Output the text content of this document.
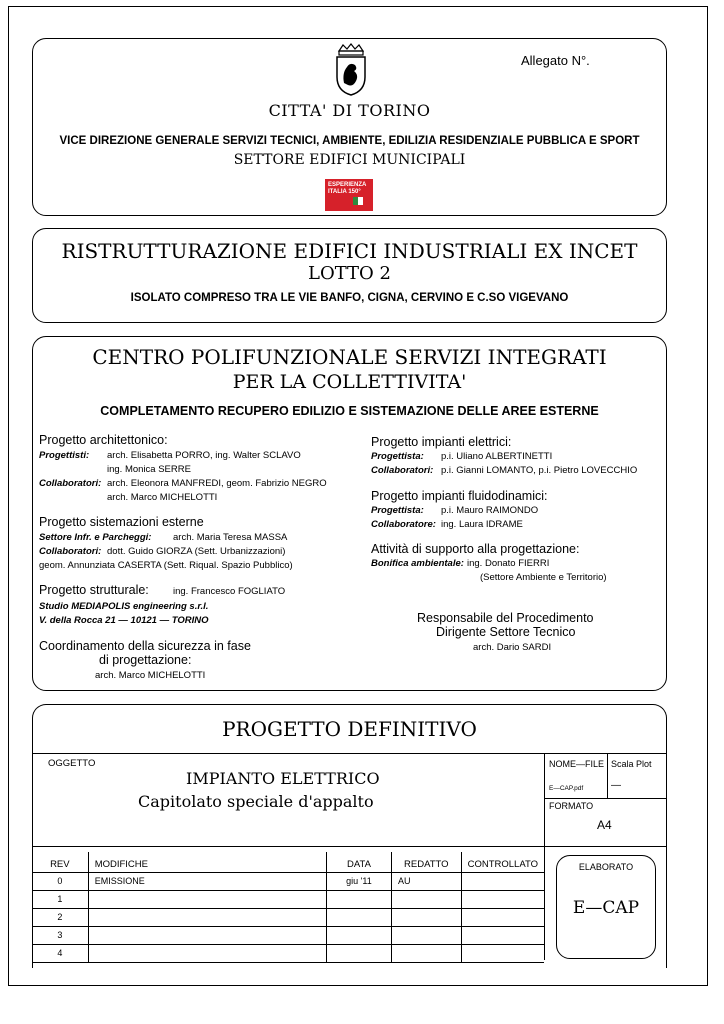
Allegato N°.
CITTA' DI TORINO
VICE DIREZIONE GENERALE SERVIZI TECNICI, AMBIENTE, EDILIZIA RESIDENZIALE PUBBLICA E SPORT
SETTORE EDIFICI MUNICIPALI
ESPERIENZA
ITALIA 150°
RISTRUTTURAZIONE EDIFICI INDUSTRIALI EX INCET
LOTTO 2
ISOLATO COMPRESO TRA LE VIE BANFO, CIGNA, CERVINO E C.SO VIGEVANO
CENTRO POLIFUNZIONALE SERVIZI INTEGRATI
PER LA COLLETTIVITA'
COMPLETAMENTO RECUPERO EDILIZIO E SISTEMAZIONE DELLE AREE ESTERNE
Progetto architettonico:
Progettisti: arch. Elisabetta PORRO, ing. Walter SCLAVO
ing. Monica SERRE
Collaboratori: arch. Eleonora MANFREDI, geom. Fabrizio NEGRO
arch. Marco MICHELOTTI
Progetto sistemazioni esterne
Settore Infr. e Parcheggi: arch. Maria Teresa MASSA
Collaboratori: dott. Guido GIORZA (Sett. Urbanizzazioni)
geom. Annunziata CASERTA (Sett. Riqual. Spazio Pubblico)
Progetto strutturale:	ing. Francesco FOGLIATO
Studio MEDIAPOLIS engineering s.r.l.
V. della Rocca 21 — 10121 — TORINO
Coordinamento della sicurezza in fase
di progettazione:
arch. Marco MICHELOTTI
Progetto impianti elettrici:
Progettista: p.i. Uliano ALBERTINETTI
Collaboratori: p.i. Gianni LOMANTO, p.i. Pietro LOVECCHIO
Progetto impianti fluidodinamici:
Progettista: p.i. Mauro RAIMONDO
Collaboratore: ing. Laura IDRAME
Attività di supporto alla progettazione:
Bonifica ambientale: ing. Donato FIERRI
(Settore Ambiente e Territorio)
Responsabile del Procedimento
Dirigente Settore Tecnico
arch. Dario SARDI
PROGETTO DEFINITIVO
OGGETTO
IMPIANTO ELETTRICO
Capitolato speciale d'appalto
NOME—FILE
E—CAP.pdf
Scala Plot
—
FORMATO
A4
ELABORATO
E—CAP
REV	MODIFICHE	DATA	REDATTO	CONTROLLATO
0	EMISSIONE	giu '11	AU	
1				
2				
3				
4				
